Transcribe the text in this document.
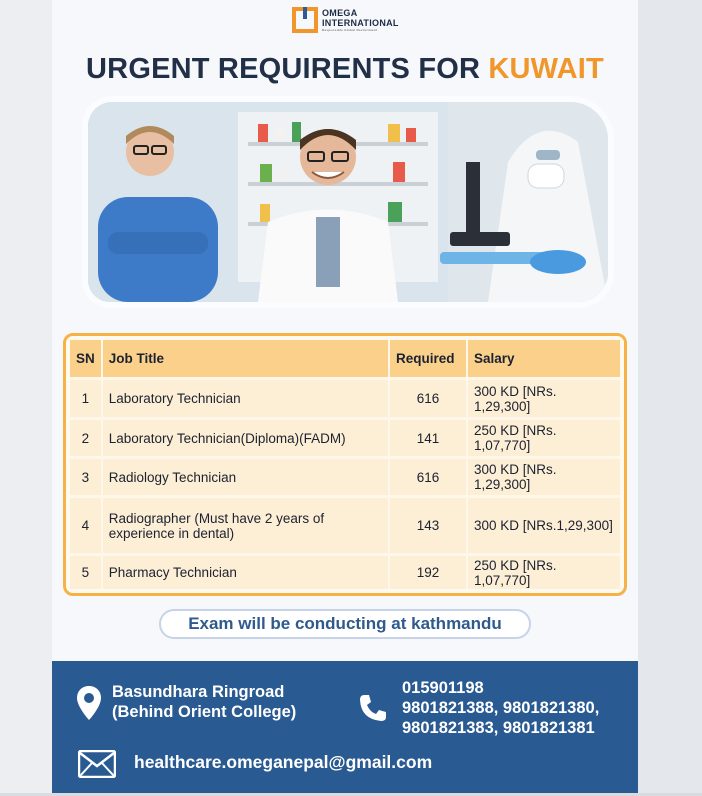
OMEGA
INTERNATIONAL
Responsible Global Recruitment
URGENT REQUIRENTS FOR KUWAIT
SN	Job Title	Required	Salary
1	Laboratory Technician	616	300 KD [NRs. 1,29,300]
2	Laboratory Technician(Diploma)(FADM)	141	250 KD [NRs. 1,07,770]
3	Radiology Technician	616	300 KD [NRs. 1,29,300]
4	Radiographer (Must have 2 years of experience in dental)	143	300 KD [NRs.1,29,300]
5	Pharmacy Technician	192	250 KD [NRs. 1,07,770]
Exam will be conducting at kathmandu
Basundhara Ringroad
(Behind Orient College)
015901198
9801821388, 9801821380,
9801821383, 9801821381
healthcare.omeganepal@gmail.com
